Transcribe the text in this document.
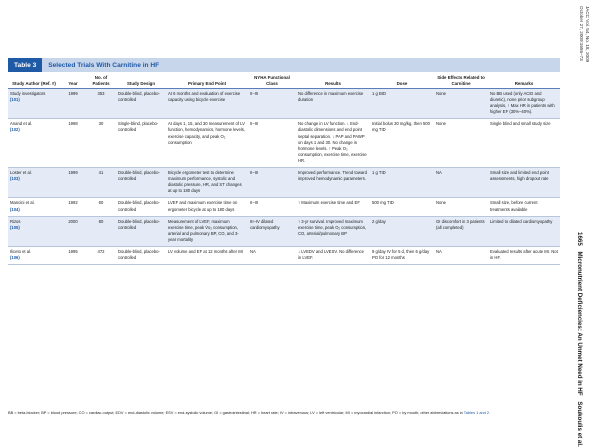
JACC Vol. 54, No. 18, 2009
October 27, 2009:1655–73
1665 Micronutrient Deficiencies: An Unmet Need in HF Soukoulis et al.
Table 3	Selected Trials With Carnitine in HF
Study Author (Ref. #)	Year	No. of Patients	Study Design	Primary End Point	NYHA Functional Class	Results	Dose	Side Effects Related to Carnitine	Remarks
Study investigators
(101)	1999	353	Double-blind, placebo-controlled	At 6 months and evaluation of exercise capacity using bicycle exercise	II–III	No difference in maximum exercise duration	1 g BID	None	No BB used (only ACEI and diuretic), none prior subgroup analysis, ↑ Max HR in patients with higher EF (30%–40%).
Anand et al.
(102)	1998	30	Single-blind, placebo-controlled	At days 1, 15, and 30 measurement of LV function, hemodynamics, hormone levels, exercise capacity, and peak O₂ consumption	II–III	No change in LV function. ↓ End-diastolic dimensions and end point septal separation. ↓ PAP and PAWP on days 1 and 30. No change in hormone levels. ↑ Peak O₂ consumption, exercise time, exercise HR.	Initial bolus 30 mg/kg, then 500 mg TID	None	Single blind and small study size
Loster et al.
(103)	1999	41	Double-blind, placebo-controlled	Bicycle ergometer test to determine maximum performance, systolic and diastolic pressure, HR, and ST changes at up to 180 days	II–III	Improved performance. Trend toward improved hemodynamic parameters.	1 g TID	NA	Small size and limited end point assessments, high dropout rate
Mancini et al.
(104)	1992	60	Double-blind, placebo-controlled	LVEF and maximum exercise time on ergometer bicycle at up to 180 days	II–III	↑ Maximum exercise time and EF	500 mg TID	None	Small size, before current treatments available
Rizos
(105)	2000	80	Double-blind, placebo-controlled	Measurement of LVEF, maximum exercise time, peak V̇o₂ consumption, arterial and pulmonary BP, CO, and 3-year mortality	III–IV dilated cardiomyopathy	↑ 3-yr survival. Improved maximum exercise time, peak O₂ consumption, CO, arterial/pulmonary BP	2 g/day	GI discomfort in 3 patients (all completed)	Limited to dilated cardiomyopathy
Iliceto et al.
(106)	1995	472	Double-blind, placebo-controlled	LV volume and EF at 12 months after MI	NA	↓ LVEDV and LVESV. No difference in LVEF.	9 g/day IV for 5 d, then 6 g/day PO for 12 months	NA	Evaluated results after acute MI. Not in HF.
BB = beta-blocker; BP = blood pressure; CO = cardiac output; EDV = end-diastolic volume; ESV = end-systolic volume; GI = gastrointestinal; HR = heart rate; IV = intravenous; LV = left ventricular; MI = myocardial infarction; PO = by mouth; other abbreviations as in Tables 1 and 2.
